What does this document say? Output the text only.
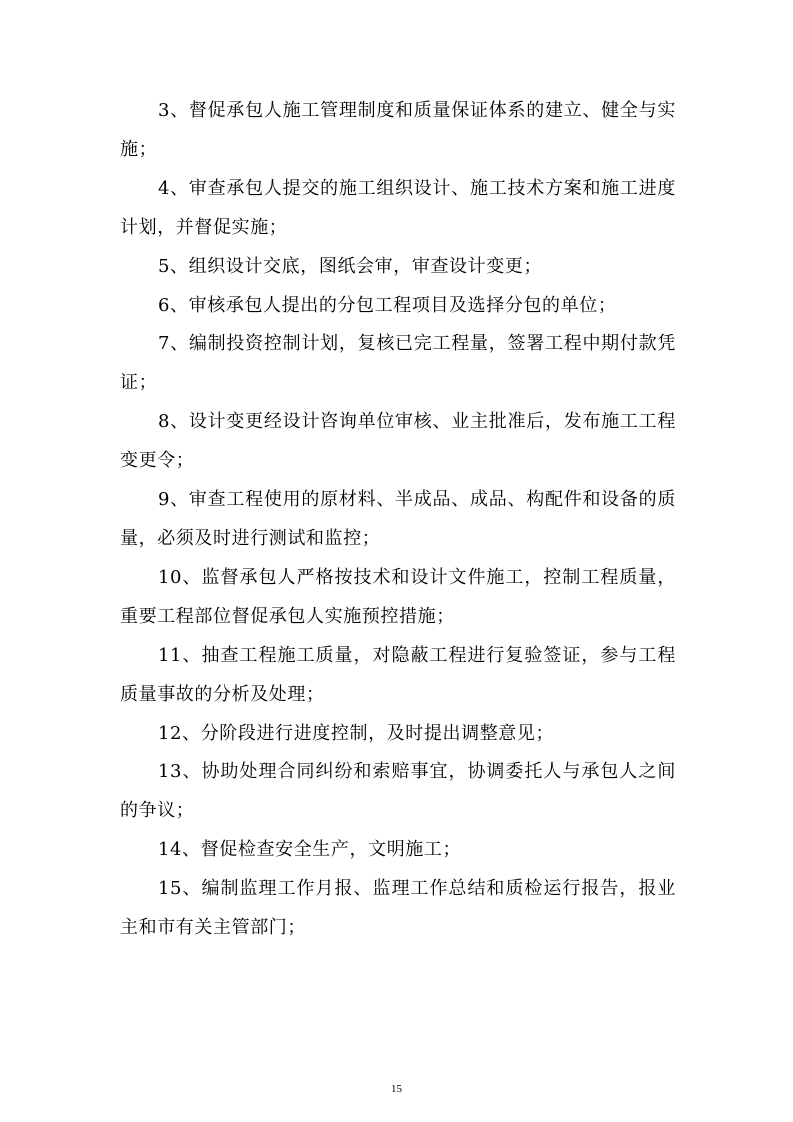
3、督促承包人施工管理制度和质量保证体系的建立、健全与实施；

4、审查承包人提交的施工组织设计、施工技术方案和施工进度计划，并督促实施；

5、组织设计交底，图纸会审，审查设计变更；

6、审核承包人提出的分包工程项目及选择分包的单位；

7、编制投资控制计划，复核已完工程量，签署工程中期付款凭证；

8、设计变更经设计咨询单位审核、业主批准后，发布施工工程变更令；

9、审查工程使用的原材料、半成品、成品、构配件和设备的质量，必须及时进行测试和监控；

10、监督承包人严格按技术和设计文件施工，控制工程质量，重要工程部位督促承包人实施预控措施；

11、抽查工程施工质量，对隐蔽工程进行复验签证，参与工程质量事故的分析及处理；

12、分阶段进行进度控制，及时提出调整意见；

13、协助处理合同纠纷和索赔事宜，协调委托人与承包人之间的争议；

14、督促检查安全生产，文明施工；

15、编制监理工作月报、监理工作总结和质检运行报告，报业主和市有关主管部门；

15
